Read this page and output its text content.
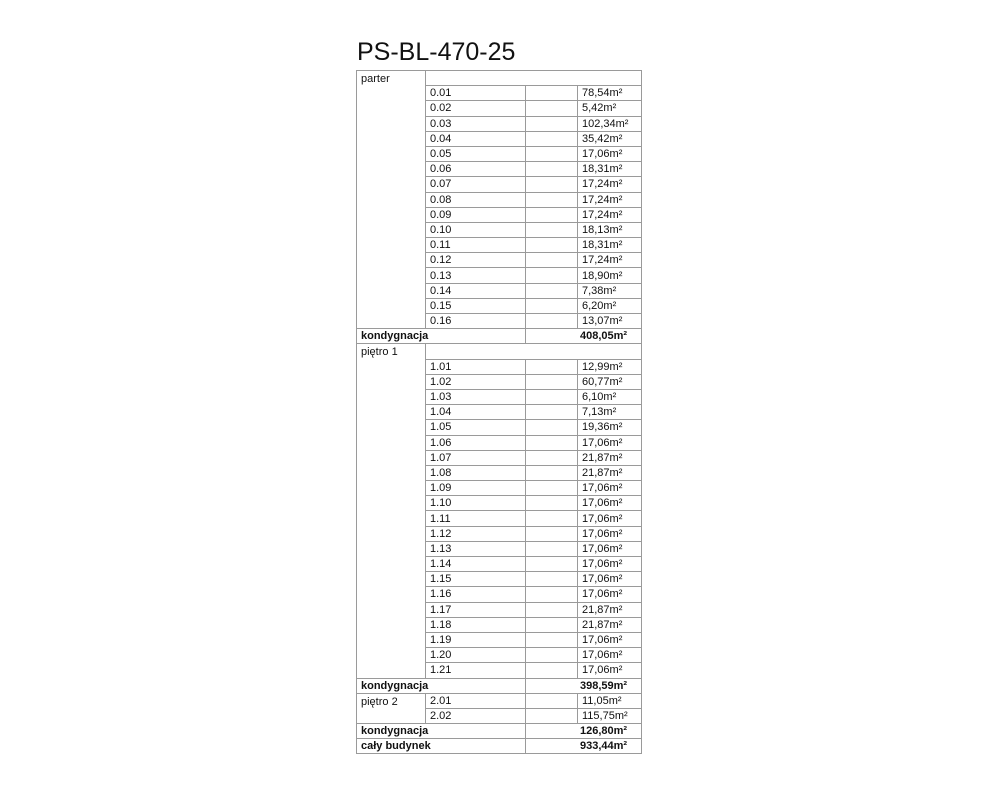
PS-BL-470-25
parter			
	0.01		78,54m²
	0.02		5,42m²
	0.03		102,34m²
	0.04		35,42m²
	0.05		17,06m²
	0.06		18,31m²
	0.07		17,24m²
	0.08		17,24m²
	0.09		17,24m²
	0.10		18,13m²
	0.11		18,31m²
	0.12		17,24m²
	0.13		18,90m²
	0.14		7,38m²
	0.15		6,20m²
	0.16		13,07m²
kondygnacja		408,05m²	
piętro 1			
	1.01		12,99m²
	1.02		60,77m²
	1.03		6,10m²
	1.04		7,13m²
	1.05		19,36m²
	1.06		17,06m²
	1.07		21,87m²
	1.08		21,87m²
	1.09		17,06m²
	1.10		17,06m²
	1.11		17,06m²
	1.12		17,06m²
	1.13		17,06m²
	1.14		17,06m²
	1.15		17,06m²
	1.16		17,06m²
	1.17		21,87m²
	1.18		21,87m²
	1.19		17,06m²
	1.20		17,06m²
	1.21		17,06m²
kondygnacja		398,59m²	
piętro 2	2.01		11,05m²
	2.02		115,75m²
kondygnacja		126,80m²	
cały budynek		933,44m²	
